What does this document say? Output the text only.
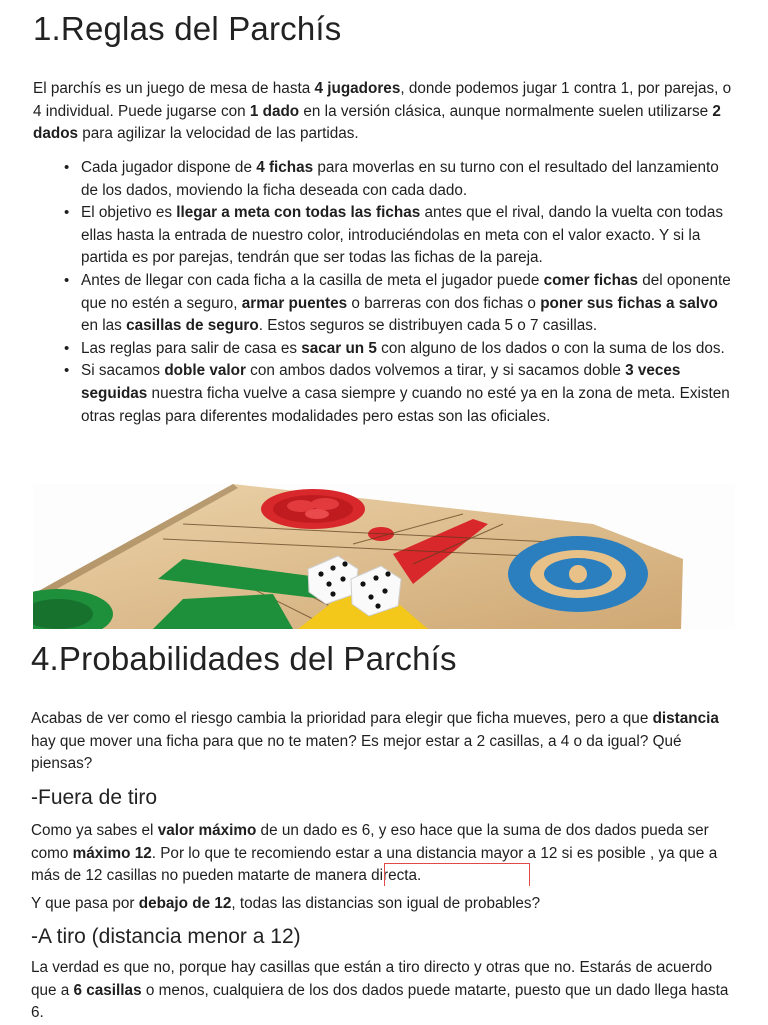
1.Reglas del Parchís

El parchís es un juego de mesa de hasta 4 jugadores, donde podemos jugar 1 contra 1, por parejas, o 4 individual. Puede jugarse con 1 dado en la versión clásica, aunque normalmente suelen utilizarse 2 dados para agilizar la velocidad de las partidas.

• Cada jugador dispone de 4 fichas para moverlas en su turno con el resultado del lanzamiento de los dados, moviendo la ficha deseada con cada dado.
• El objetivo es llegar a meta con todas las fichas antes que el rival, dando la vuelta con todas ellas hasta la entrada de nuestro color, introduciéndolas en meta con el valor exacto. Y si la partida es por parejas, tendrán que ser todas las fichas de la pareja.
• Antes de llegar con cada ficha a la casilla de meta el jugador puede comer fichas del oponente que no estén a seguro, armar puentes o barreras con dos fichas o poner sus fichas a salvo en las casillas de seguro. Estos seguros se distribuyen cada 5 o 7 casillas.
• Las reglas para salir de casa es sacar un 5 con alguno de los dados o con la suma de los dos.
• Si sacamos doble valor con ambos dados volvemos a tirar, y si sacamos doble 3 veces seguidas nuestra ficha vuelve a casa siempre y cuando no esté ya en la zona de meta. Existen otras reglas para diferentes modalidades pero estas son las oficiales.
4.Probabilidades del Parchís

Acabas de ver como el riesgo cambia la prioridad para elegir que ficha mueves, pero a que distancia hay que mover una ficha para que no te maten? Es mejor estar a 2 casillas, a 4 o da igual? Qué piensas?

-Fuera de tiro

Como ya sabes el valor máximo de un dado es 6, y eso hace que la suma de dos dados pueda ser como máximo 12. Por lo que te recomiendo estar a una distancia mayor a 12 si es posible , ya que a más de 12 casillas no pueden matarte de manera directa.

Y que pasa por debajo de 12, todas las distancias son igual de probables?

-A tiro (distancia menor a 12)

La verdad es que no, porque hay casillas que están a tiro directo y otras que no. Estarás de acuerdo que a 6 casillas o menos, cualquiera de los dos dados puede matarte, puesto que un dado llega hasta 6.
